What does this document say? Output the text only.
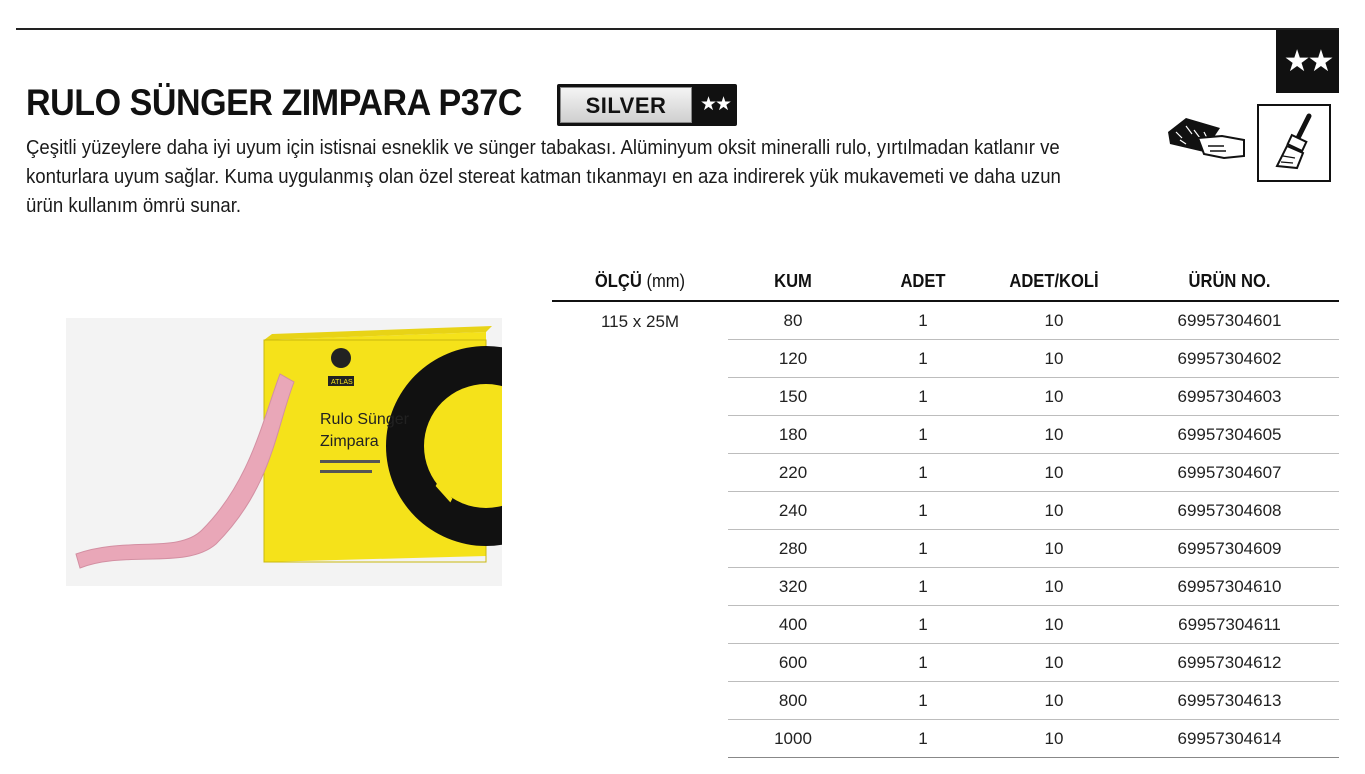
★★
RULO SÜNGER ZIMPARA P37C	SILVER	★★

Çeşitli yüzeylere daha iyi uyum için istisnai esneklik ve sünger tabakası. Alüminyum oksit mineralli rulo, yırtılmadan katlanır ve konturlara uyum sağlar. Kuma uygulanmış olan özel stereat katman tıkanmayı en aza indirerek yük mukavemeti ve daha uzun ürün kullanım ömrü sunar.

ATLAS
ATLAS
Rulo Sünger
Zimpara
ÖLÇÜ (mm)	KUM	ADET	ADET/KOLİ	ÜRÜN NO.
115 x 25M	80	1	10	69957304601
	120	1	10	69957304602
	150	1	10	69957304603
	180	1	10	69957304605
	220	1	10	69957304607
	240	1	10	69957304608
	280	1	10	69957304609
	320	1	10	69957304610
	400	1	10	69957304611
	600	1	10	69957304612
	800	1	10	69957304613
	1000	1	10	69957304614
